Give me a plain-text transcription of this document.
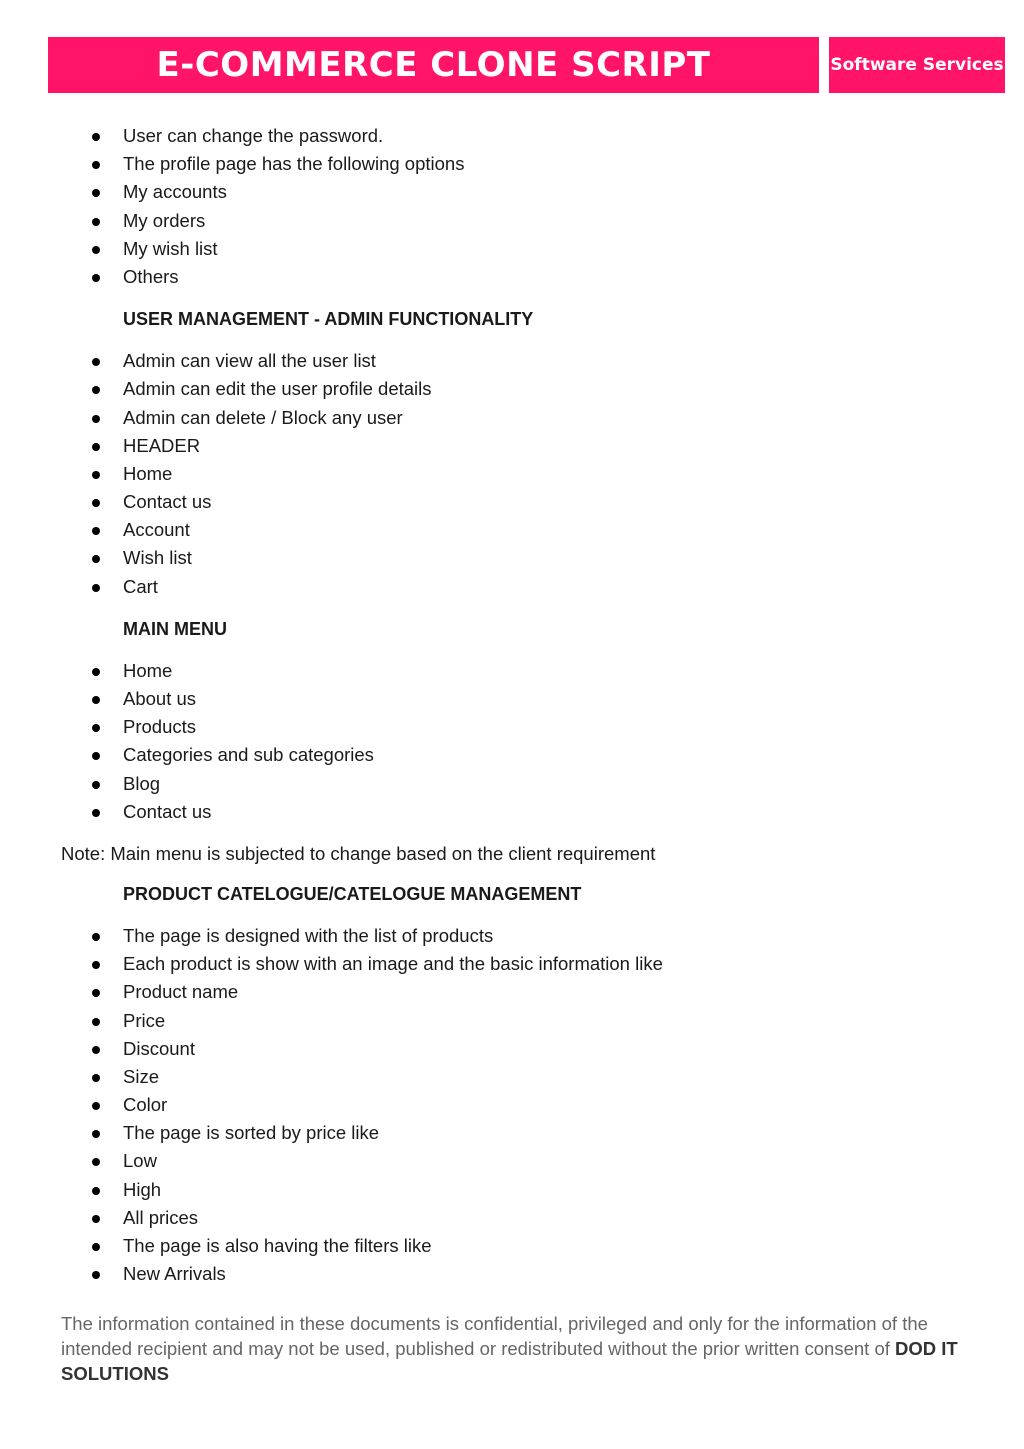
E-COMMERCE CLONE SCRIPT	Software Services
User can change the password.
The profile page has the following options
My accounts
My orders
My wish list
Others
USER MANAGEMENT - ADMIN FUNCTIONALITY
Admin can view all the user list
Admin can edit the user profile details
Admin can delete / Block any user
HEADER
Home
Contact us
Account
Wish list
Cart
MAIN MENU
Home
About us
Products
Categories and sub categories
Blog
Contact us
Note: Main menu is subjected to change based on the client requirement
PRODUCT CATELOGUE/CATELOGUE MANAGEMENT
The page is designed with the list of products
Each product is show with an image and the basic information like
Product name
Price
Discount
Size
Color
The page is sorted by price like
Low
High
All prices
The page is also having the filters like
New Arrivals
The information contained in these documents is confidential, privileged and only for the information of the intended recipient and may not be used, published or redistributed without the prior written consent of DOD IT SOLUTIONS
